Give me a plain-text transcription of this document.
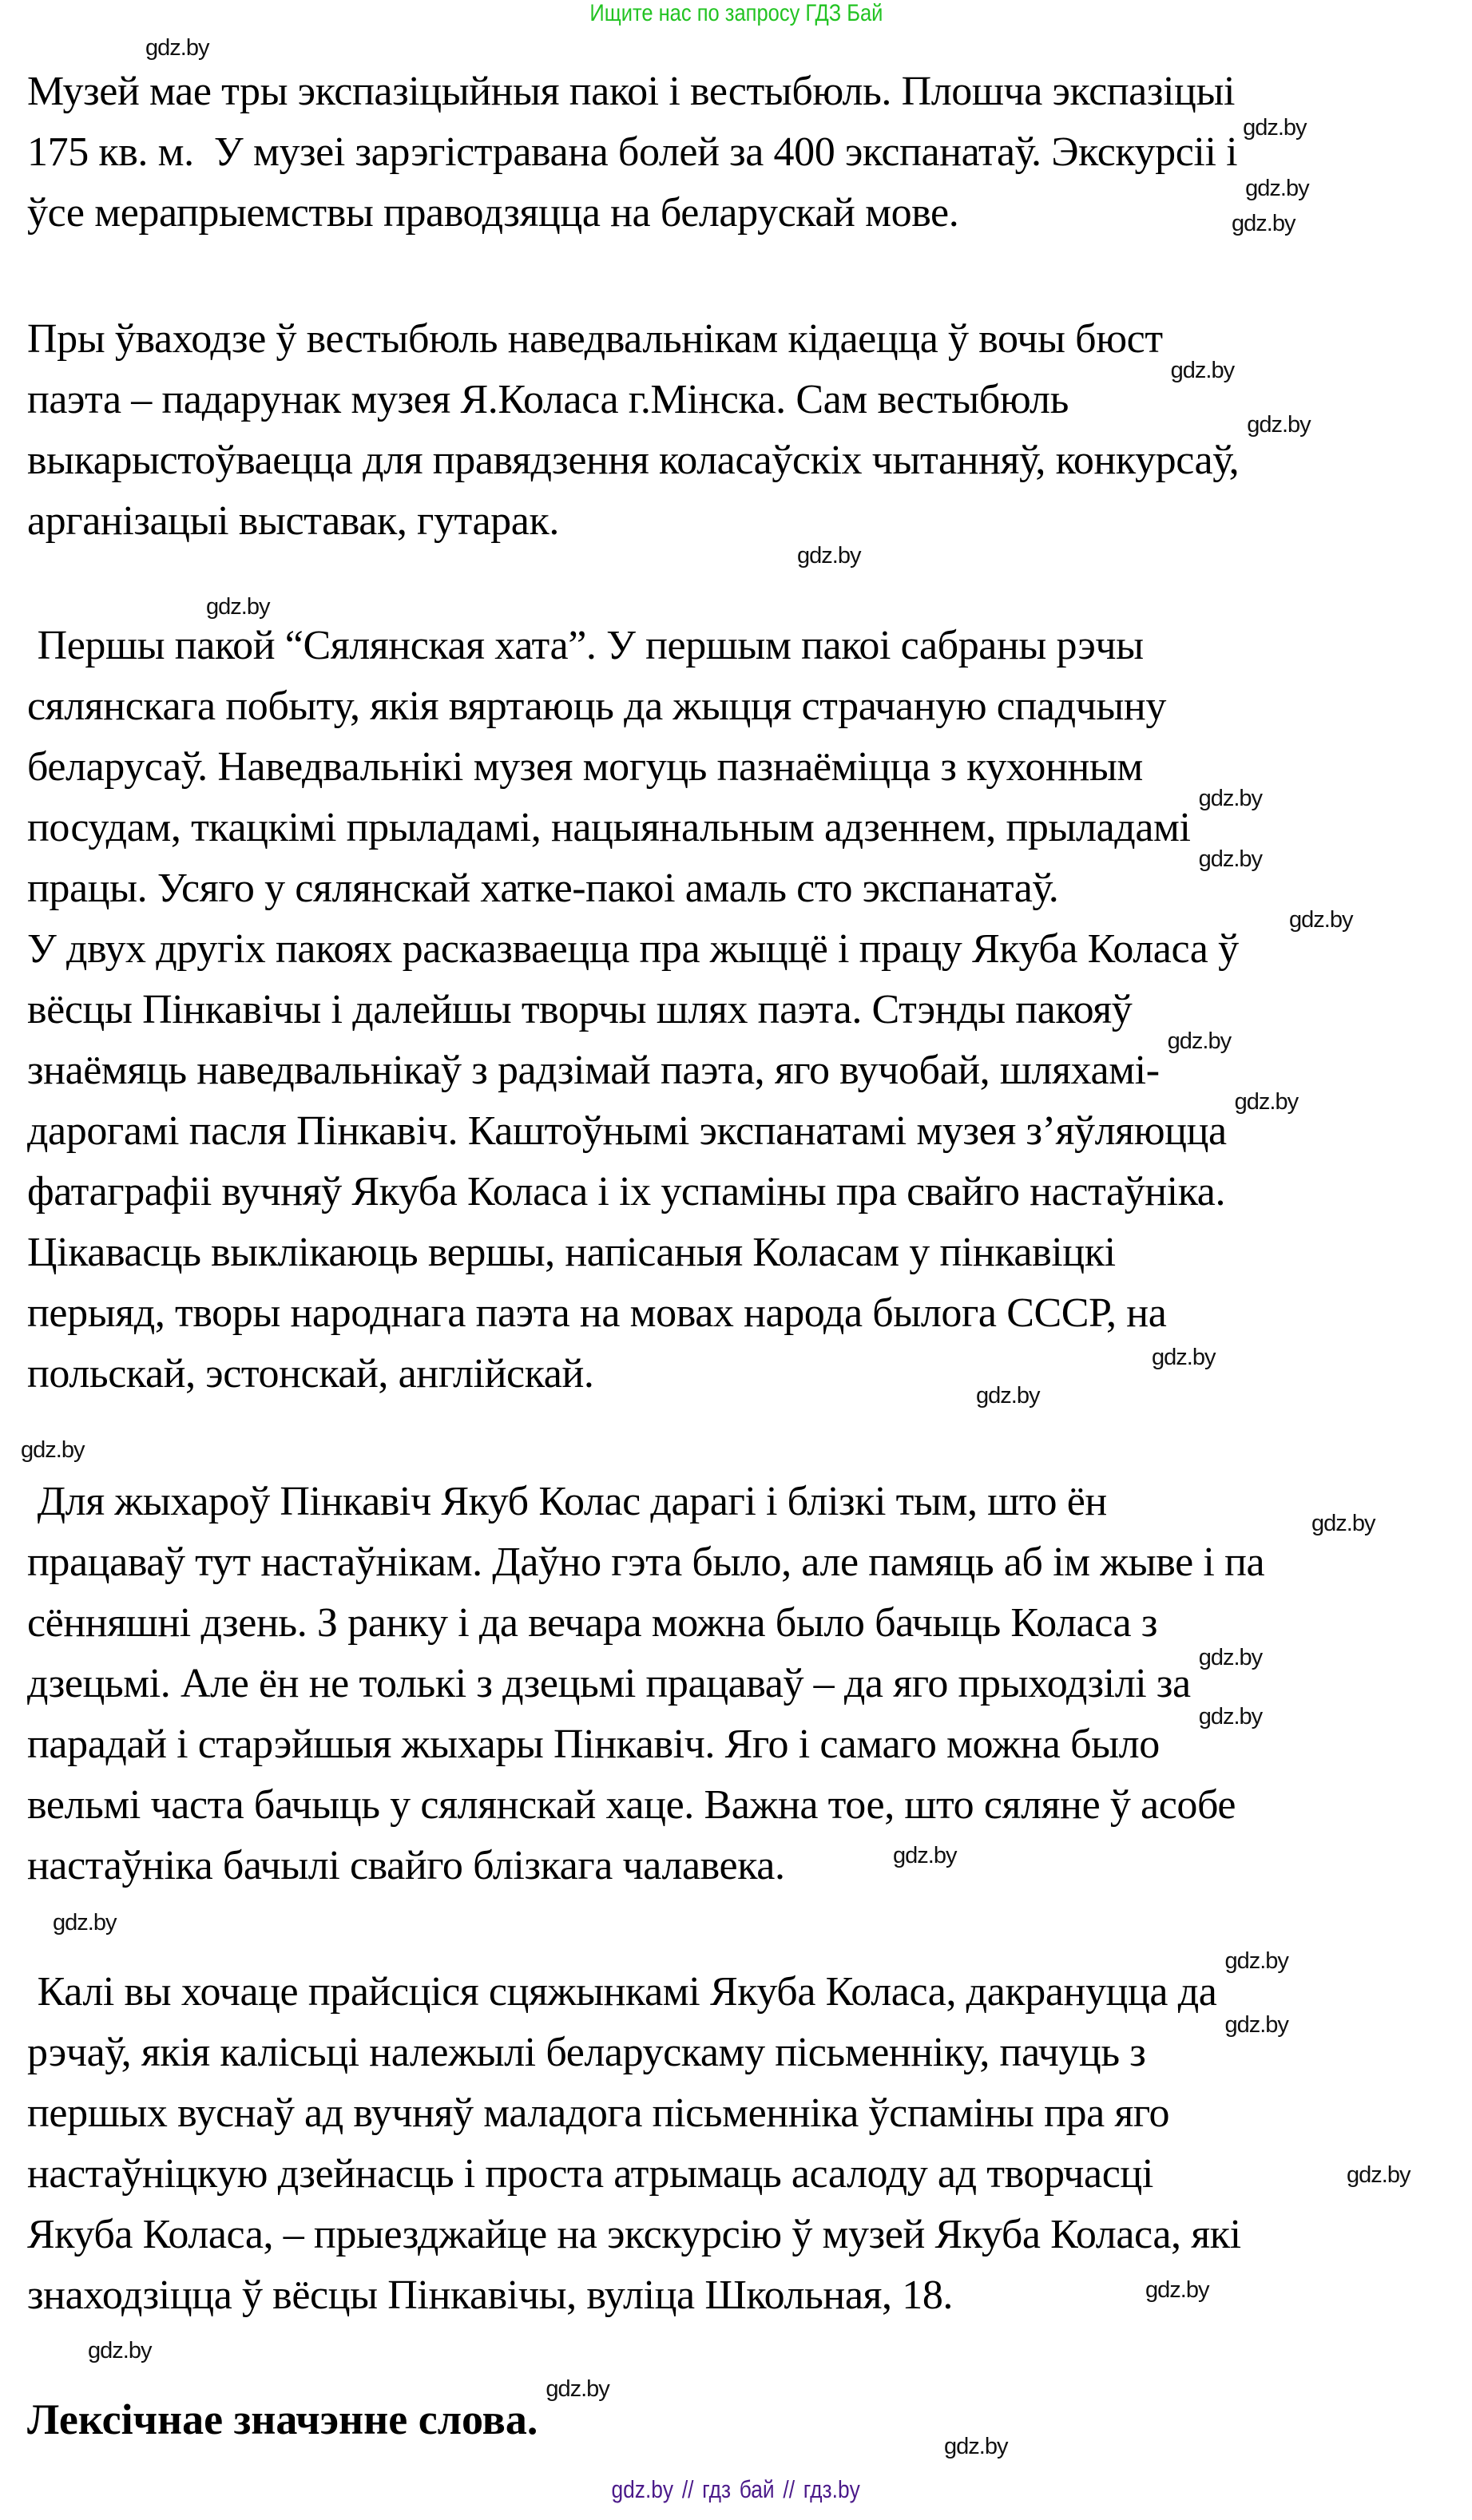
Ищите нас по запросу ГДЗ Бай
Музей мае тры экспазіцыйныя пакоі і вестыбюль. Плошча экспазіцыі
175 кв. м.  У музеі зарэгістравана болей за 400 экспанатаў. Экскурсіі і
ўсе мерапрыемствы праводзяцца на беларускай мове.
Пры ўваходзе ў вестыбюль наведвальнікам кідаецца ў вочы бюст
паэта – падарунак музея Я.Коласа г.Мінска. Сам вестыбюль
выкарыстоўваецца для правядзення коласаўскіх чытанняў, конкурсаў,
арганізацыі выставак, гутарак.
Першы пакой “Сялянская хата”. У першым пакоі сабраны рэчы
сялянскага побыту, якія вяртаюць да жыцця страчаную спадчыну
беларусаў. Наведвальнікі музея могуць пазнаёміцца з кухонным
посудам, ткацкімі прыладамі, нацыянальным адзеннем, прыладамі
працы. Усяго у сялянскай хатке-пакоі амаль сто экспанатаў.
У двух другіх пакоях расказваецца пра жыццё і працу Якуба Коласа ў
вёсцы Пінкавічы і далейшы творчы шлях паэта. Стэнды пакояў
знаёмяць наведвальнікаў з радзімай паэта, яго вучобай, шляхамі-
дарогамі пасля Пінкавіч. Каштоўнымі экспанатамі музея з’яўляюцца
фатаграфіі вучняў Якуба Коласа і іх успаміны пра свайго настаўніка.
Цікавасць выклікаюць вершы, напісаныя Коласам у пінкавіцкі
перыяд, творы народнага паэта на мовах народа былога СССР, на
польскай, эстонскай, англійскай.
Для жыхароў Пінкавіч Якуб Колас дарагі і блізкі тым, што ён
працаваў тут настаўнікам. Даўно гэта было, але памяць аб ім жыве і па
сённяшні дзень. З ранку і да вечара можна было бачыць Коласа з
дзецьмі. Але ён не толькі з дзецьмі працаваў – да яго прыходзілі за
парадай і старэйшыя жыхары Пінкавіч. Яго і самаго можна было
вельмі часта бачыць у сялянскай хаце. Важна тое, што сяляне ў асобе
настаўніка бачылі свайго блізкага чалавека.
Калі вы хочаце прайсціся сцяжынкамі Якуба Коласа, дакрануцца да
рэчаў, якія калісьці належылі беларускаму пісьменніку, пачуць з
першых вуснаў ад вучняў маладога пісьменніка ўспаміны пра яго
настаўніцкую дзейнасць і проста атрымаць асалоду ад творчасці
Якуба Коласа, – прыезджайце на экскурсію ў музей Якуба Коласа, які
знаходзіцца ў вёсцы Пінкавічы, вуліца Школьная, 18.
Лексічнае значэнне слова.
gdz.by
gdz.by
gdz.by
gdz.by
gdz.by
gdz.by
gdz.by
gdz.by
gdz.by
gdz.by
gdz.by
gdz.by
gdz.by
gdz.by
gdz.by
gdz.by
gdz.by
gdz.by
gdz.by
gdz.by
gdz.by
gdz.by
gdz.by
gdz.by
gdz.by
gdz.by
gdz.by
gdz.by
gdz.by // гдз бай // гдз.by
